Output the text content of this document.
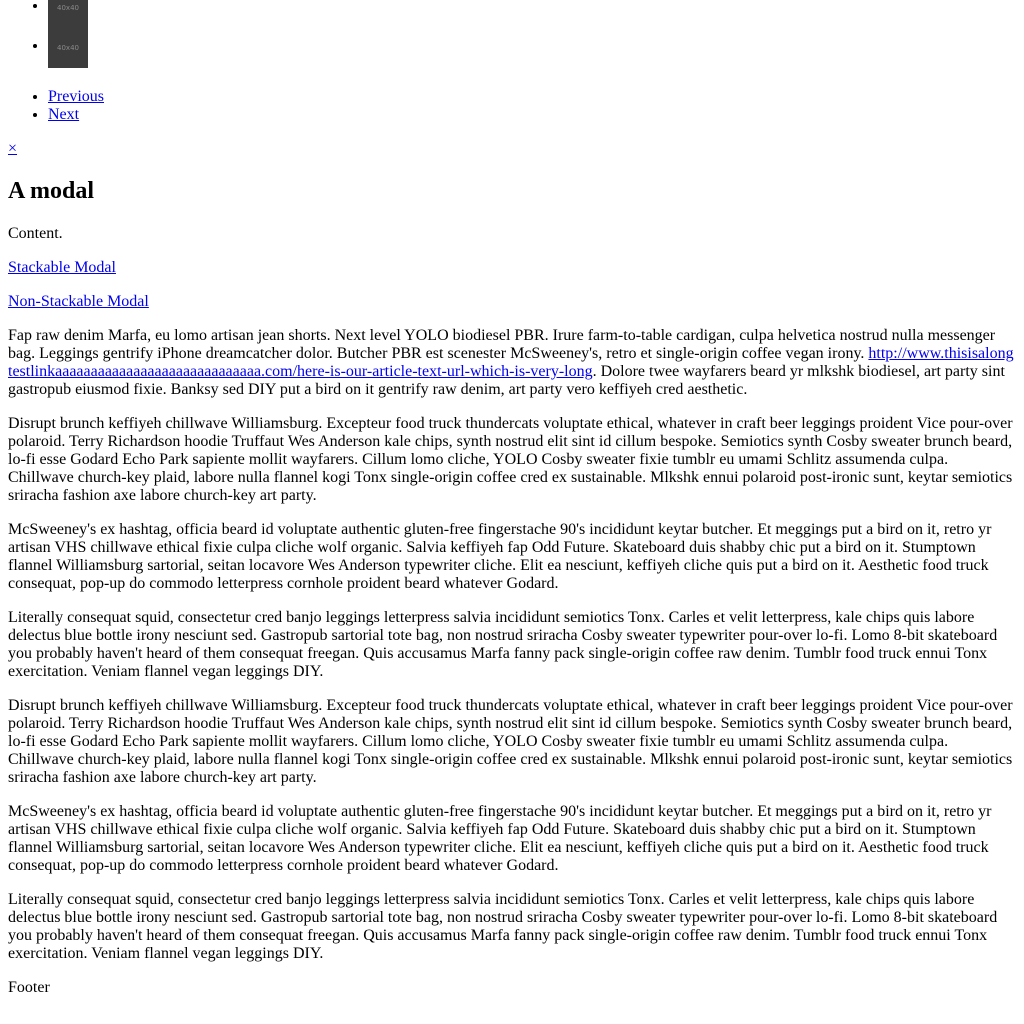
• 40x40
• 40x40
• Previous
• Next
×
A modal

Content.

Stackable Modal

Non-Stackable Modal

Fap raw denim Marfa, eu lomo artisan jean shorts. Next level YOLO biodiesel PBR. Irure farm-to-table cardigan, culpa helvetica nostrud nulla messenger bag. Leggings gentrify iPhone dreamcatcher dolor. Butcher PBR est scenester McSweeney's, retro et single-origin coffee vegan irony. http://www.thisisalongtestlinkaaaaaaaaaaaaaaaaaaaaaaaaaaaaa.com/here-is-our-article-text-url-which-is-very-long. Dolore twee wayfarers beard yr mlkshk biodiesel, art party sint gastropub eiusmod fixie. Banksy sed DIY put a bird on it gentrify raw denim, art party vero keffiyeh cred aesthetic.

Disrupt brunch keffiyeh chillwave Williamsburg. Excepteur food truck thundercats voluptate ethical, whatever in craft beer leggings proident Vice pour-over polaroid. Terry Richardson hoodie Truffaut Wes Anderson kale chips, synth nostrud elit sint id cillum bespoke. Semiotics synth Cosby sweater brunch beard, lo-fi esse Godard Echo Park sapiente mollit wayfarers. Cillum lomo cliche, YOLO Cosby sweater fixie tumblr eu umami Schlitz assumenda culpa. Chillwave church-key plaid, labore nulla flannel kogi Tonx single-origin coffee cred ex sustainable. Mlkshk ennui polaroid post-ironic sunt, keytar semiotics sriracha fashion axe labore church-key art party.

McSweeney's ex hashtag, officia beard id voluptate authentic gluten-free fingerstache 90's incididunt keytar butcher. Et meggings put a bird on it, retro yr artisan VHS chillwave ethical fixie culpa cliche wolf organic. Salvia keffiyeh fap Odd Future. Skateboard duis shabby chic put a bird on it. Stumptown flannel Williamsburg sartorial, seitan locavore Wes Anderson typewriter cliche. Elit ea nesciunt, keffiyeh cliche quis put a bird on it. Aesthetic food truck consequat, pop-up do commodo letterpress cornhole proident beard whatever Godard.

Literally consequat squid, consectetur cred banjo leggings letterpress salvia incididunt semiotics Tonx. Carles et velit letterpress, kale chips quis labore delectus blue bottle irony nesciunt sed. Gastropub sartorial tote bag, non nostrud sriracha Cosby sweater typewriter pour-over lo-fi. Lomo 8-bit skateboard you probably haven't heard of them consequat freegan. Quis accusamus Marfa fanny pack single-origin coffee raw denim. Tumblr food truck ennui Tonx exercitation. Veniam flannel vegan leggings DIY.

Disrupt brunch keffiyeh chillwave Williamsburg. Excepteur food truck thundercats voluptate ethical, whatever in craft beer leggings proident Vice pour-over polaroid. Terry Richardson hoodie Truffaut Wes Anderson kale chips, synth nostrud elit sint id cillum bespoke. Semiotics synth Cosby sweater brunch beard, lo-fi esse Godard Echo Park sapiente mollit wayfarers. Cillum lomo cliche, YOLO Cosby sweater fixie tumblr eu umami Schlitz assumenda culpa. Chillwave church-key plaid, labore nulla flannel kogi Tonx single-origin coffee cred ex sustainable. Mlkshk ennui polaroid post-ironic sunt, keytar semiotics sriracha fashion axe labore church-key art party.

McSweeney's ex hashtag, officia beard id voluptate authentic gluten-free fingerstache 90's incididunt keytar butcher. Et meggings put a bird on it, retro yr artisan VHS chillwave ethical fixie culpa cliche wolf organic. Salvia keffiyeh fap Odd Future. Skateboard duis shabby chic put a bird on it. Stumptown flannel Williamsburg sartorial, seitan locavore Wes Anderson typewriter cliche. Elit ea nesciunt, keffiyeh cliche quis put a bird on it. Aesthetic food truck consequat, pop-up do commodo letterpress cornhole proident beard whatever Godard.

Literally consequat squid, consectetur cred banjo leggings letterpress salvia incididunt semiotics Tonx. Carles et velit letterpress, kale chips quis labore delectus blue bottle irony nesciunt sed. Gastropub sartorial tote bag, non nostrud sriracha Cosby sweater typewriter pour-over lo-fi. Lomo 8-bit skateboard you probably haven't heard of them consequat freegan. Quis accusamus Marfa fanny pack single-origin coffee raw denim. Tumblr food truck ennui Tonx exercitation. Veniam flannel vegan leggings DIY.

Footer
